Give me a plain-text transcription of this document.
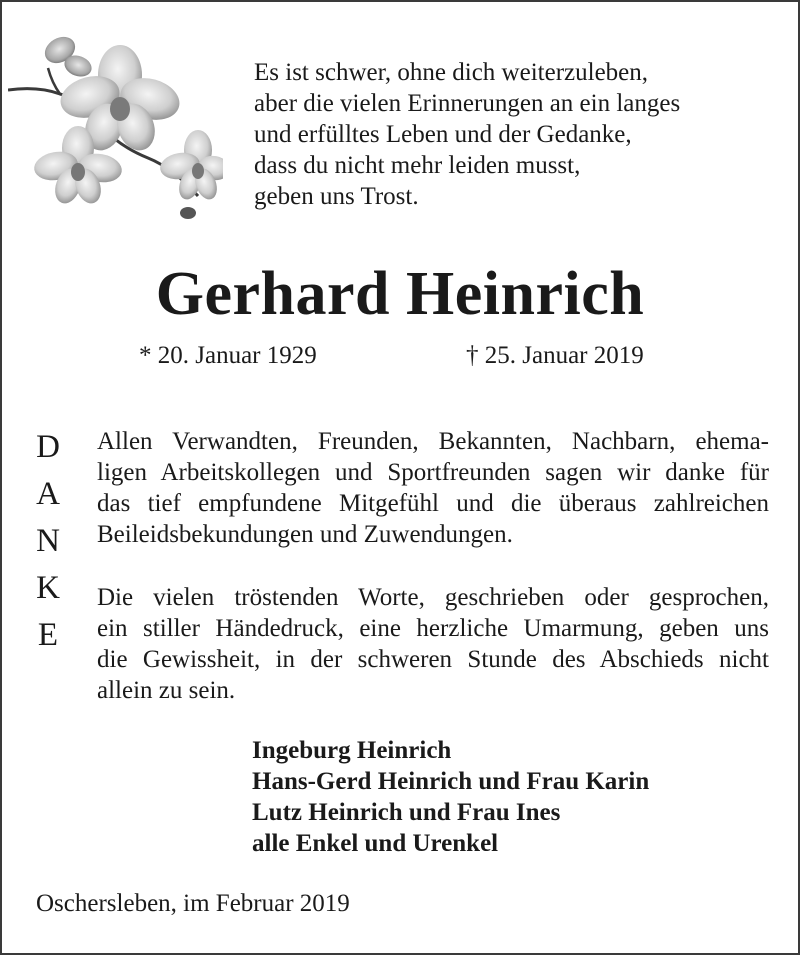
Es ist schwer, ohne dich weiterzuleben,
aber die vielen Erinnerungen an ein langes
und erfülltes Leben und der Gedanke,
dass du nicht mehr leiden musst,
geben uns Trost.
Gerhard Heinrich
* 20. Januar 1929	† 25. Januar 2019
D
A
N
K
E
Allen Verwandten, Freunden, Bekannten, Nachbarn, ehema-
ligen Arbeitskollegen und Sportfreunden sagen wir danke für
das tief empfundene Mitgefühl und die überaus zahlreichen
Beileidsbekundungen und Zuwendungen.
Die vielen tröstenden Worte, geschrieben oder gesprochen,
ein stiller Händedruck, eine herzliche Umarmung, geben uns
die Gewissheit, in der schweren Stunde des Abschieds nicht
allein zu sein.
Ingeburg Heinrich
Hans-Gerd Heinrich und Frau Karin
Lutz Heinrich und Frau Ines
alle Enkel und Urenkel
Oschersleben, im Februar 2019
